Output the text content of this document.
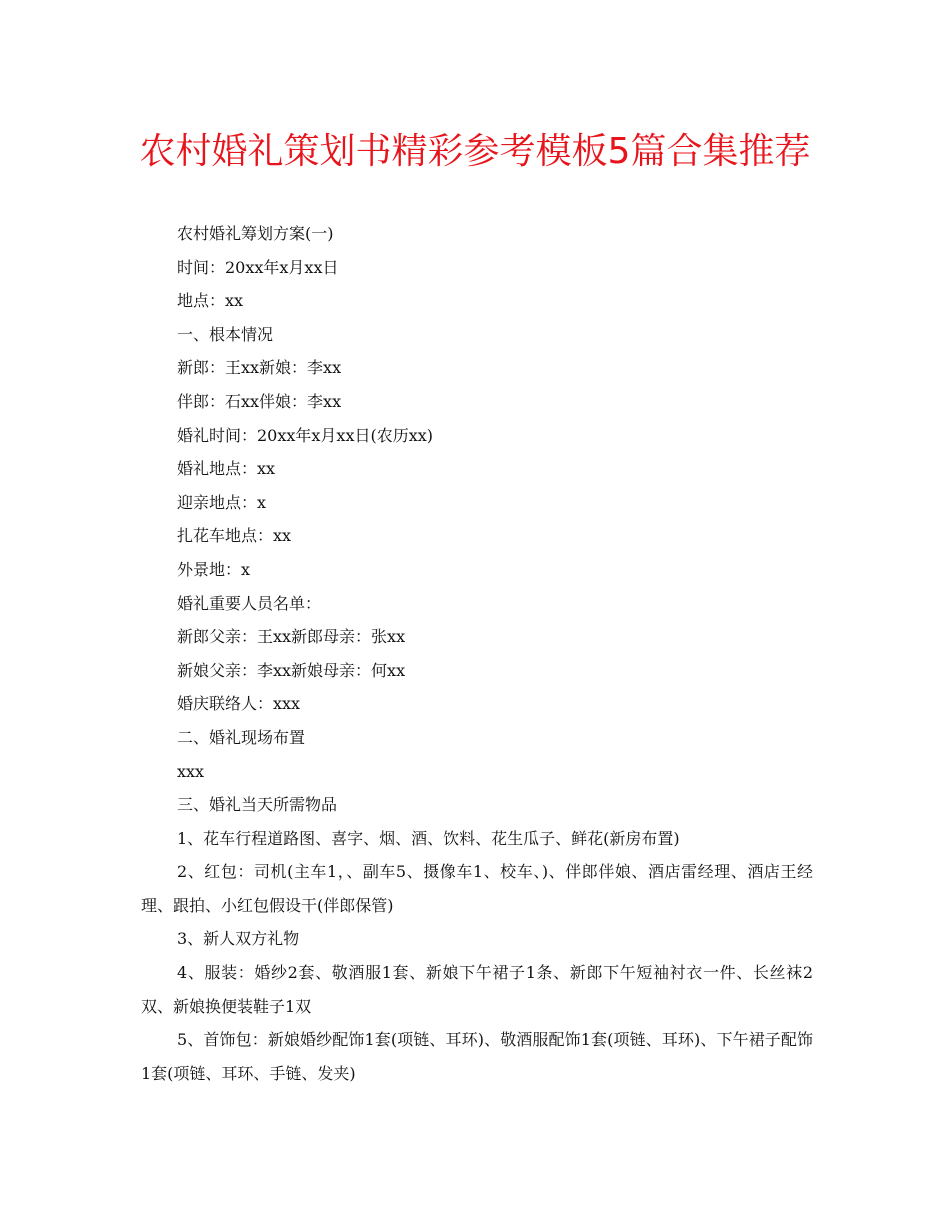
农村婚礼策划书精彩参考模板5篇合集推荐
农村婚礼筹划方案(一)
时间：20xx年x月xx日
地点：xx
一、根本情况
新郎：王xx新娘：李xx
伴郎：石xx伴娘：李xx
婚礼时间：20xx年x月xx日(农历xx)
婚礼地点：xx
迎亲地点：x
扎花车地点：xx
外景地：x
婚礼重要人员名单：
新郎父亲：王xx新郎母亲：张xx
新娘父亲：李xx新娘母亲：何xx
婚庆联络人：xxx
二、婚礼现场布置
xxx
三、婚礼当天所需物品
1、花车行程道路图、喜字、烟、酒、饮料、花生瓜子、鲜花(新房布置)

2、红包：司机(主车1，、副车5、摄像车1、校车、)、伴郎伴娘、酒店雷经理、酒店王经理、跟拍、小红包假设干(伴郎保管)

3、新人双方礼物

4、服装：婚纱2套、敬酒服1套、新娘下午裙子1条、新郎下午短袖衬衣一件、长丝袜2双、新娘换便装鞋子1双

5、首饰包：新娘婚纱配饰1套(项链、耳环)、敬酒服配饰1套(项链、耳环)、下午裙子配饰1套(项链、耳环、手链、发夹)
